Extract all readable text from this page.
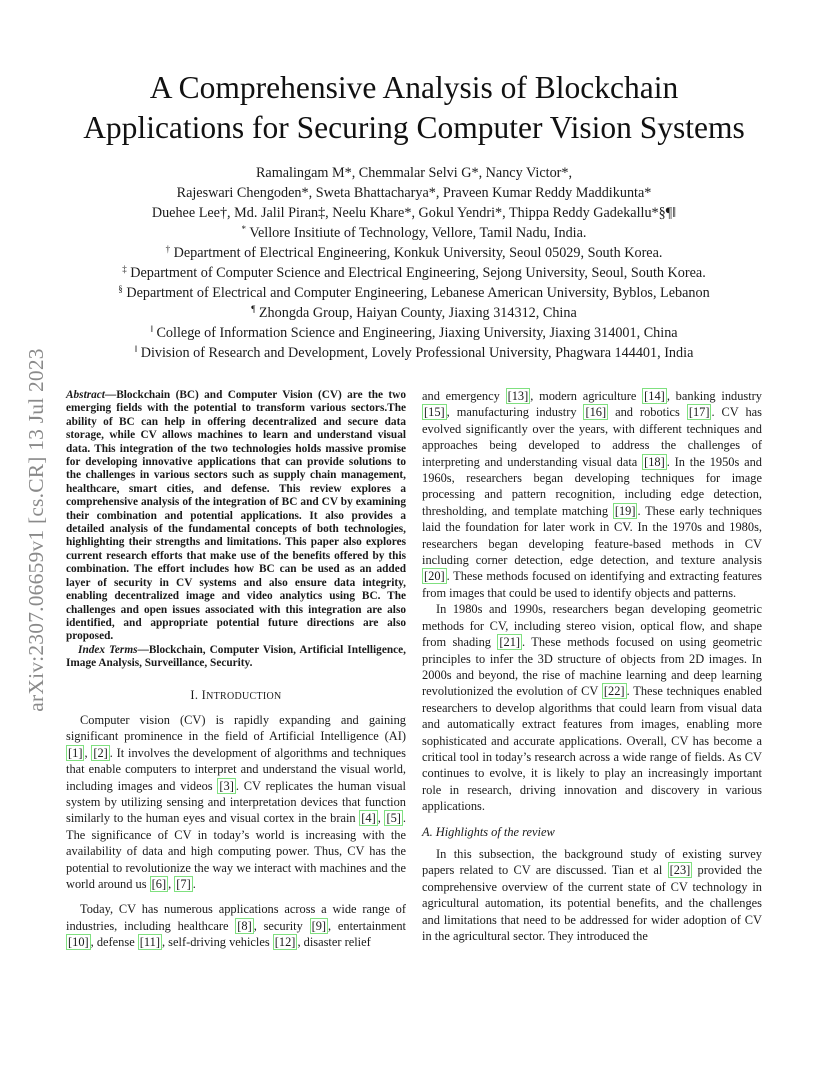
arXiv:2307.06659v1 [cs.CR] 13 Jul 2023
A Comprehensive Analysis of Blockchain
Applications for Securing Computer Vision Systems
Ramalingam M*, Chemmalar Selvi G*, Nancy Victor*,
Rajeswari Chengoden*, Sweta Bhattacharya*, Praveen Kumar Reddy Maddikunta*
Duehee Lee†, Md. Jalil Piran‡, Neelu Khare*, Gokul Yendri*, Thippa Reddy Gadekallu*§¶‖
* Vellore Insitiute of Technology, Vellore, Tamil Nadu, India.
† Department of Electrical Engineering, Konkuk University, Seoul 05029, South Korea.
‡ Department of Computer Science and Electrical Engineering, Sejong University, Seoul, South Korea.
§ Department of Electrical and Computer Engineering, Lebanese American University, Byblos, Lebanon
¶ Zhongda Group, Haiyan County, Jiaxing 314312, China
‖ College of Information Science and Engineering, Jiaxing University, Jiaxing 314001, China
‖ Division of Research and Development, Lovely Professional University, Phagwara 144401, India
Abstract—Blockchain (BC) and Computer Vision (CV) are the two emerging fields with the potential to transform various sectors.The ability of BC can help in offering decentralized and secure data storage, while CV allows machines to learn and understand visual data. This integration of the two technologies holds massive promise for developing innovative applications that can provide solutions to the challenges in various sectors such as supply chain management, healthcare, smart cities, and defense. This review explores a comprehensive analysis of the integration of BC and CV by examining their combination and potential applications. It also provides a detailed analysis of the fundamental concepts of both technologies, highlighting their strengths and limitations. This paper also explores current research efforts that make use of the benefits offered by this combination. The effort includes how BC can be used as an added layer of security in CV systems and also ensure data integrity, enabling decentralized image and video analytics using BC. The challenges and open issues associated with this integration are also identified, and appropriate potential future directions are also proposed.
Index Terms—Blockchain, Computer Vision, Artificial Intelligence, Image Analysis, Surveillance, Security.
I. INTRODUCTION

Computer vision (CV) is rapidly expanding and gaining significant prominence in the field of Artificial Intelligence (AI) [1] , [2] . It involves the development of algorithms and techniques that enable computers to interpret and understand the visual world, including images and videos [3] . CV replicates the human visual system by utilizing sensing and interpretation devices that function similarly to the human eyes and visual cortex in the brain [4] , [5] . The significance of CV in today’s world is increasing with the availability of data and high computing power. Thus, CV has the potential to revolutionize the way we interact with machines and the world around us [6] , [7] .

Today, CV has numerous applications across a wide range of industries, including healthcare [8] , security [9] , entertainment [10] , defense [11] , self-driving vehicles [12] , disaster relief

and emergency [13] , modern agriculture [14] , banking industry [15] , manufacturing industry [16] and robotics [17] . CV has evolved significantly over the years, with different techniques and approaches being developed to address the challenges of interpreting and understanding visual data [18] . In the 1950s and 1960s, researchers began developing techniques for image processing and pattern recognition, including edge detection, thresholding, and template matching [19] . These early techniques laid the foundation for later work in CV. In the 1970s and 1980s, researchers began developing feature-based methods in CV including corner detection, edge detection, and texture analysis [20] . These methods focused on identifying and extracting features from images that could be used to identify objects and patterns.

In 1980s and 1990s, researchers began developing geometric methods for CV, including stereo vision, optical flow, and shape from shading [21] . These methods focused on using geometric principles to infer the 3D structure of objects from 2D images. In 2000s and beyond, the rise of machine learning and deep learning revolutionized the evolution of CV [22] . These techniques enabled researchers to develop algorithms that could learn from visual data and automatically extract features from images, enabling more sophisticated and accurate applications. Overall, CV has become a critical tool in today’s research across a wide range of fields. As CV continues to evolve, it is likely to play an increasingly important role in research, driving innovation and discovery in various applications.

A. Highlights of the review

In this subsection, the background study of existing survey papers related to CV are discussed. Tian et al [23] provided the comprehensive overview of the current state of CV technology in agricultural automation, its potential benefits, and the challenges and limitations that need to be addressed for wider adoption of CV in the agricultural sector. They introduced the
